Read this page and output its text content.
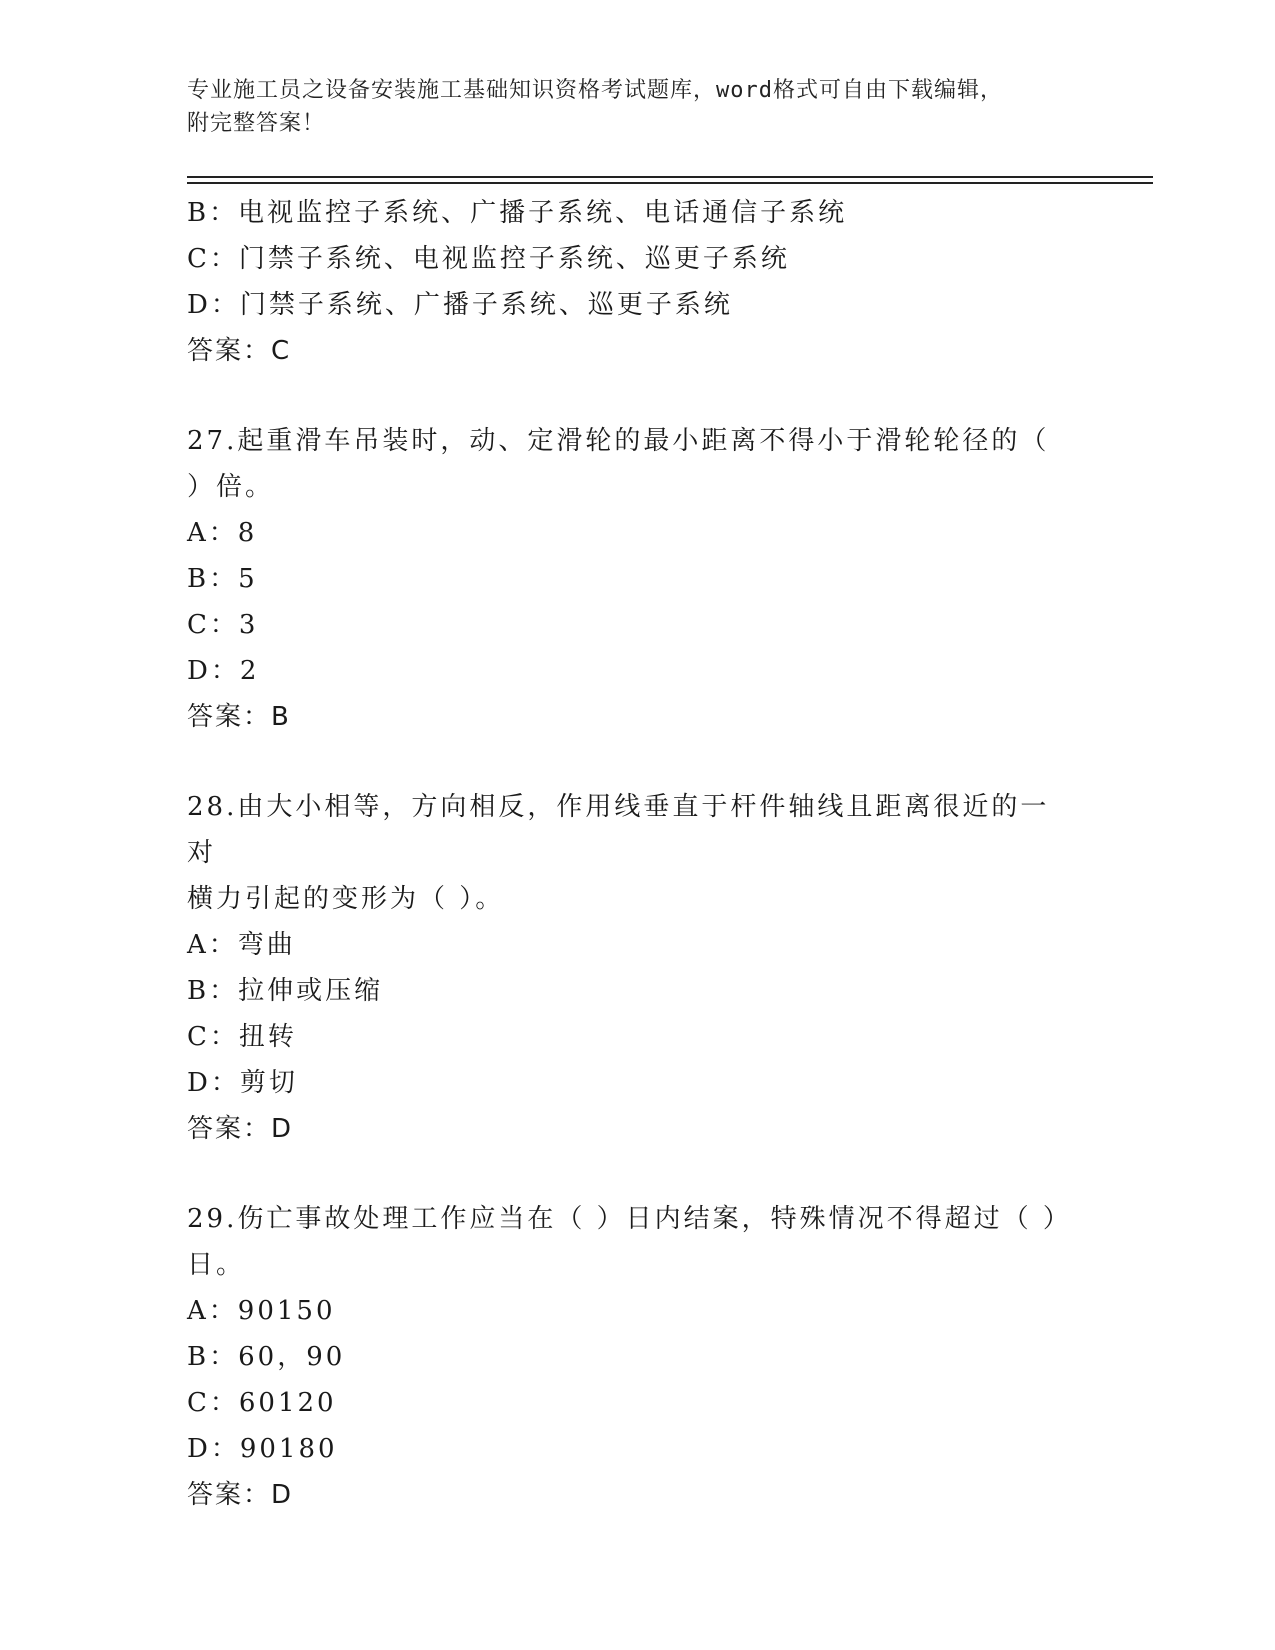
专业施工员之设备安装施工基础知识资格考试题库，word格式可自由下载编辑，
附完整答案！
B：电视监控子系统、广播子系统、电话通信子系统
C：门禁子系统、电视监控子系统、巡更子系统
D：门禁子系统、广播子系统、巡更子系统
答案：C
27.起重滑车吊装时，动、定滑轮的最小距离不得小于滑轮轮径的（
）倍。
A：8
B：5
C：3
D：2
答案：B
28.由大小相等，方向相反，作用线垂直于杆件轴线且距离很近的一对
横力引起的变形为（ ）。
A：弯曲
B：拉伸或压缩
C：扭转
D：剪切
答案：D
29.伤亡事故处理工作应当在（ ）日内结案，特殊情况不得超过（ ）
日。
A：90150
B：60，90
C：60120
D：90180
答案：D
